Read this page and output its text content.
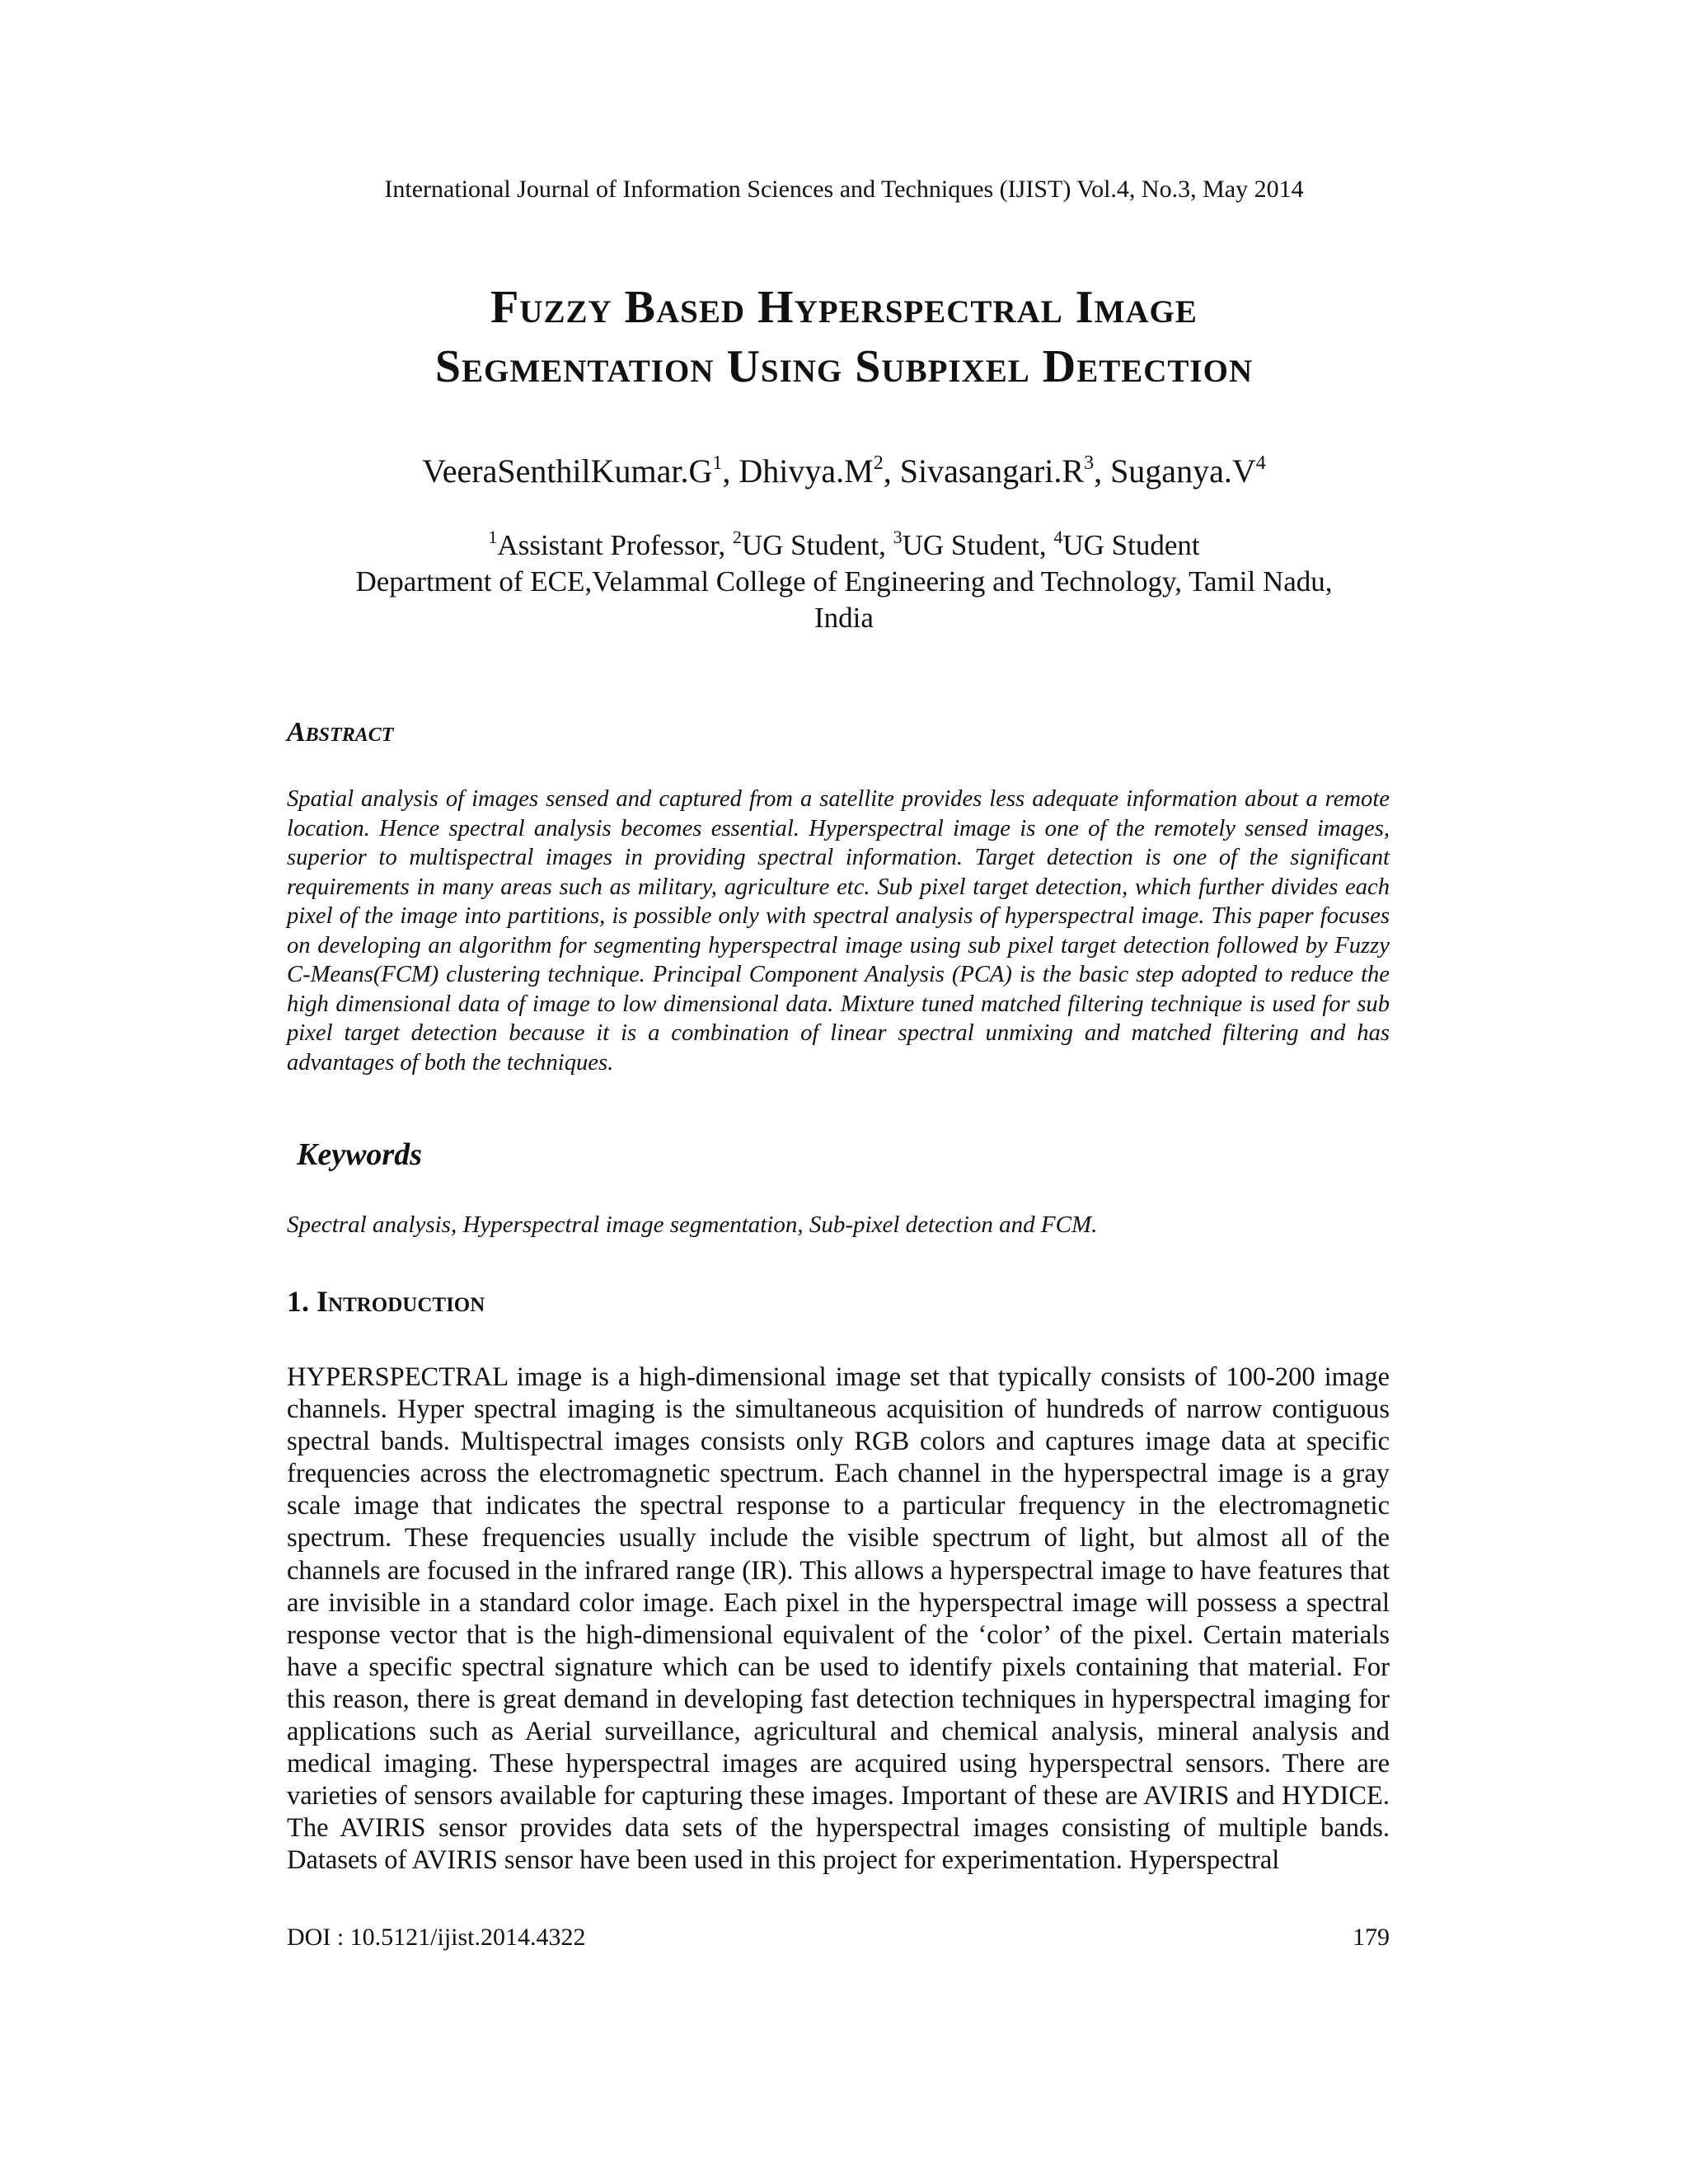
International Journal of Information Sciences and Techniques (IJIST) Vol.4, No.3, May 2014
Fuzzy Based Hyperspectral Image
Segmentation Using Subpixel Detection
$VeeraSenthilKumar.G^1$, $Dhivya.M^2$, $Sivasangari.R^3$, $Suganya.V^4$
$^1$Assistant Professor, $^2$UG Student, $^3$UG Student, $^4$UG Student
Department of ECE,Velammal College of Engineering and Technology, Tamil Nadu,
India
Abstract
Spatial analysis of images sensed and captured from a satellite provides less adequate information about a remote location. Hence spectral analysis becomes essential. Hyperspectral image is one of the remotely sensed images, superior to multispectral images in providing spectral information. Target detection is one of the significant requirements in many areas such as military, agriculture etc. Sub pixel target detection, which further divides each pixel of the image into partitions, is possible only with spectral analysis of hyperspectral image. This paper focuses on developing an algorithm for segmenting hyperspectral image using sub pixel target detection followed by Fuzzy C-Means(FCM) clustering technique. Principal Component Analysis (PCA) is the basic step adopted to reduce the high dimensional data of image to low dimensional data. Mixture tuned matched filtering technique is used for sub pixel target detection because it is a combination of linear spectral unmixing and matched filtering and has advantages of both the techniques.
Keywords
Spectral analysis, Hyperspectral image segmentation, Sub-pixel detection and FCM.
1. Introduction
HYPERSPECTRAL image is a high-dimensional image set that typically consists of 100-200 image channels. Hyper spectral imaging is the simultaneous acquisition of hundreds of narrow contiguous spectral bands. Multispectral images consists only RGB colors and captures image data at specific frequencies across the electromagnetic spectrum. Each channel in the hyperspectral image is a gray scale image that indicates the spectral response to a particular frequency in the electromagnetic spectrum. These frequencies usually include the visible spectrum of light, but almost all of the channels are focused in the infrared range (IR). This allows a hyperspectral image to have features that are invisible in a standard color image. Each pixel in the hyperspectral image will possess a spectral response vector that is the high-dimensional equivalent of the ‘color’ of the pixel. Certain materials have a specific spectral signature which can be used to identify pixels containing that material. For this reason, there is great demand in developing fast detection techniques in hyperspectral imaging for applications such as Aerial surveillance, agricultural and chemical analysis, mineral analysis and medical imaging. These hyperspectral images are acquired using hyperspectral sensors. There are varieties of sensors available for capturing these images. Important of these are AVIRIS and HYDICE. The AVIRIS sensor provides data sets of the hyperspectral images consisting of multiple bands. Datasets of AVIRIS sensor have been used in this project for experimentation. Hyperspectral
DOI : 10.5121/ijist.2014.4322	179
